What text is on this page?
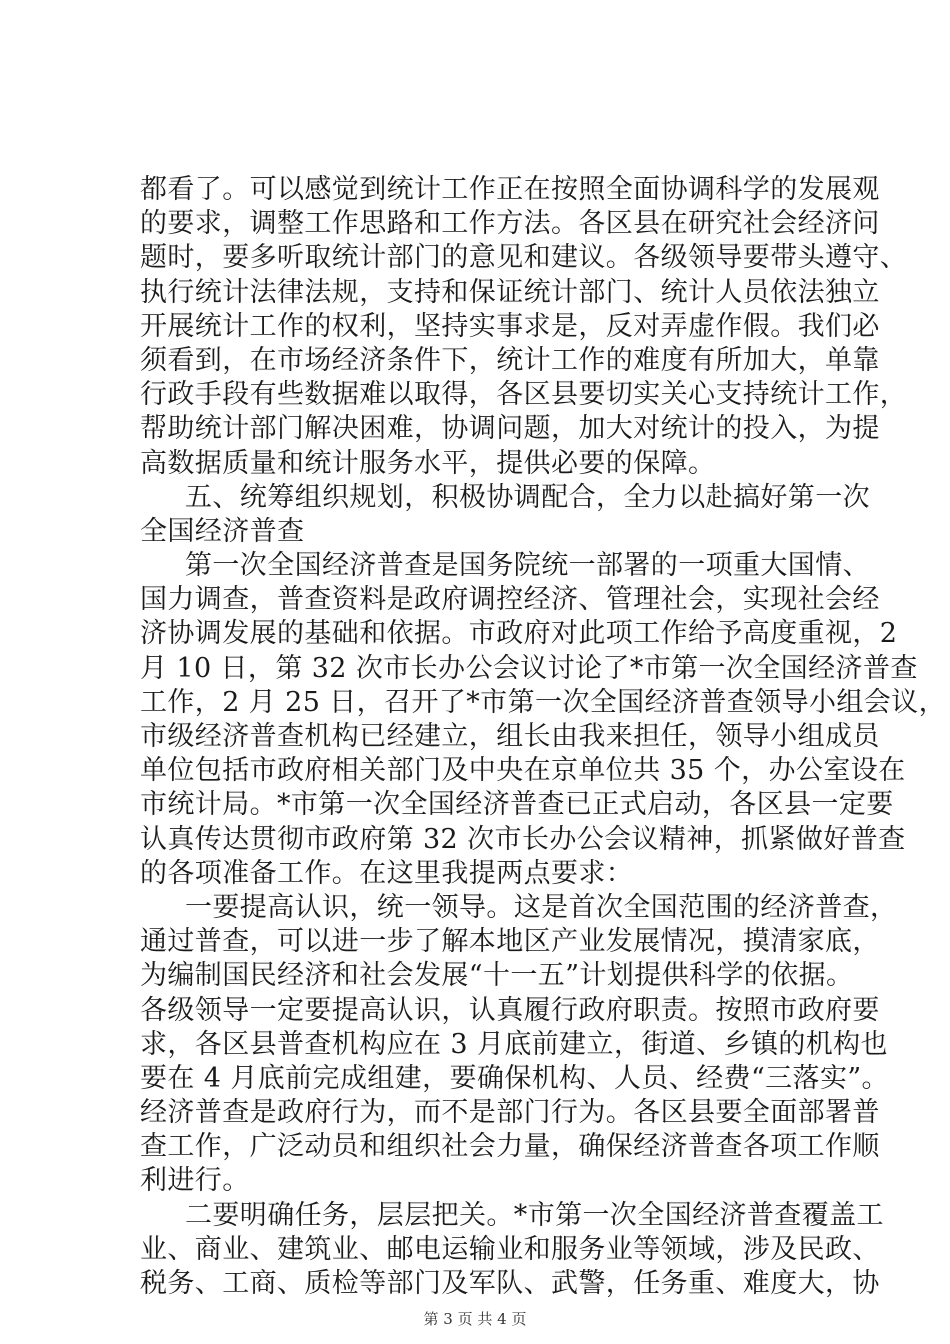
都看了。可以感觉到统计工作正在按照全面协调科学的发展观
的要求，调整工作思路和工作方法。各区县在研究社会经济问
题时，要多听取统计部门的意见和建议。各级领导要带头遵守、
执行统计法律法规，支持和保证统计部门、统计人员依法独立
开展统计工作的权利，坚持实事求是，反对弄虚作假。我们必
须看到，在市场经济条件下，统计工作的难度有所加大，单靠
行政手段有些数据难以取得，各区县要切实关心支持统计工作，
帮助统计部门解决困难，协调问题，加大对统计的投入，为提
高数据质量和统计服务水平，提供必要的保障。
五、统筹组织规划，积极协调配合，全力以赴搞好第一次
全国经济普查
第一次全国经济普查是国务院统一部署的一项重大国情、
国力调查，普查资料是政府调控经济、管理社会，实现社会经
济协调发展的基础和依据。市政府对此项工作给予高度重视，2
月 10 日，第 32 次市长办公会议讨论了*市第一次全国经济普查
工作，2 月 25 日，召开了*市第一次全国经济普查领导小组会议，
市级经济普查机构已经建立，组长由我来担任，领导小组成员
单位包括市政府相关部门及中央在京单位共 35 个，办公室设在
市统计局。*市第一次全国经济普查已正式启动，各区县一定要
认真传达贯彻市政府第 32 次市长办公会议精神，抓紧做好普查
的各项准备工作。在这里我提两点要求：
一要提高认识，统一领导。这是首次全国范围的经济普查，
通过普查，可以进一步了解本地区产业发展情况，摸清家底，
为编制国民经济和社会发展“十一五”计划提供科学的依据。
各级领导一定要提高认识，认真履行政府职责。按照市政府要
求，各区县普查机构应在 3 月底前建立，街道、乡镇的机构也
要在 4 月底前完成组建，要确保机构、人员、经费“三落实”。
经济普查是政府行为，而不是部门行为。各区县要全面部署普
查工作，广泛动员和组织社会力量，确保经济普查各项工作顺
利进行。
二要明确任务，层层把关。*市第一次全国经济普查覆盖工
业、商业、建筑业、邮电运输业和服务业等领域，涉及民政、
税务、工商、质检等部门及军队、武警，任务重、难度大，协
第 3 页 共 4 页
